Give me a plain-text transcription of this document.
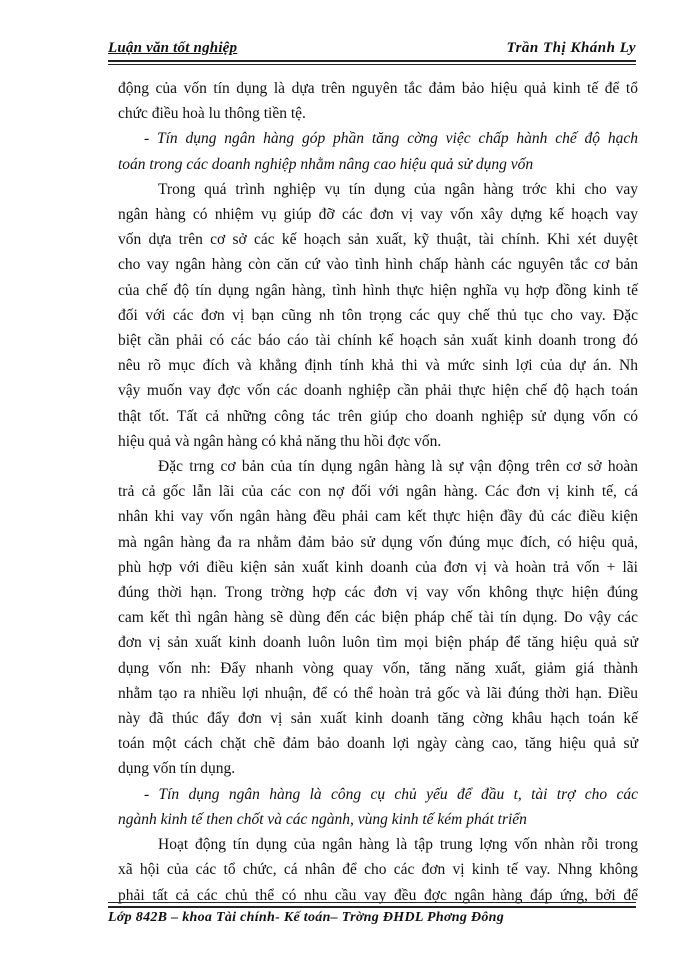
Luận văn tốt nghiệp	Trần Thị Khánh Ly

động của vốn tín dụng là dựa trên nguyên tắc đảm bảo hiệu quả kinh tế để tổ
chức điều hoà lu thông tiền tệ.

- Tín dụng ngân hàng góp phần tăng cờng việc chấp hành chế độ hạch
toán trong các doanh nghiệp nhằm nâng cao hiệu quả sử dụng vốn

Trong quá trình nghiệp vụ tín dụng của ngân hàng trớc khi cho vay
ngân hàng có nhiệm vụ giúp đỡ các đơn vị vay vốn xây dựng kế hoạch vay
vốn dựa trên cơ sở các kế hoạch sản xuất, kỹ thuật, tài chính. Khi xét duyệt
cho vay ngân hàng còn căn cứ vào tình hình chấp hành các nguyên tắc cơ bản
của chế độ tín dụng ngân hàng, tình hình thực hiện nghĩa vụ hợp đồng kinh tế
đối với các đơn vị bạn cũng nh tôn trọng các quy chế thủ tục cho vay. Đặc
biệt cần phải có các báo cáo tài chính kế hoạch sản xuất kinh doanh trong đó
nêu rõ mục đích và khẳng định tính khả thi và mức sinh lợi của dự án. Nh
vậy muốn vay đợc vốn các doanh nghiệp cần phải thực hiện chế độ hạch toán
thật tốt. Tất cả những công tác trên giúp cho doanh nghiệp sử dụng vốn có
hiệu quả và ngân hàng có khả năng thu hồi đợc vốn.

Đặc trng cơ bản của tín dụng ngân hàng là sự vận động trên cơ sở hoàn
trả cả gốc lẫn lãi của các con nợ đối với ngân hàng. Các đơn vị kinh tế, cá
nhân khi vay vốn ngân hàng đều phải cam kết thực hiện đầy đủ các điều kiện
mà ngân hàng đa ra nhằm đảm bảo sử dụng vốn đúng mục đích, có hiệu quả,
phù hợp với điều kiện sản xuất kinh doanh của đơn vị và hoàn trả vốn + lãi
đúng thời hạn. Trong trờng hợp các đơn vị vay vốn không thực hiện đúng
cam kết thì ngân hàng sẽ dùng đến các biện pháp chế tài tín dụng. Do vậy các
đơn vị sản xuất kinh doanh luôn luôn tìm mọi biện pháp để tăng hiệu quả sử
dụng vốn nh: Đẩy nhanh vòng quay vốn, tăng năng xuất, giảm giá thành
nhằm tạo ra nhiều lợi nhuận, để có thể hoàn trả gốc và lãi đúng thời hạn. Điều
này đã thúc đẩy đơn vị sản xuất kinh doanh tăng cờng khâu hạch toán kế
toán một cách chặt chẽ đảm bảo doanh lợi ngày càng cao, tăng hiệu quả sử
dụng vốn tín dụng.

- Tín dụng ngân hàng là công cụ chủ yếu để đầu t, tài trợ cho các
ngành kinh tế then chốt và các ngành, vùng kinh tế kém phát triển

Hoạt động tín dụng của ngân hàng là tập trung lợng vốn nhàn rỗi trong
xã hội của các tổ chức, cá nhân để cho các đơn vị kinh tế vay. Nhng không
phải tất cả các chủ thể có nhu cầu vay đều đợc ngân hàng đáp ứng, bởi để

Lớp 842B – khoa Tài chính- Kế toán– Trờng ĐHDL Phơng Đông
